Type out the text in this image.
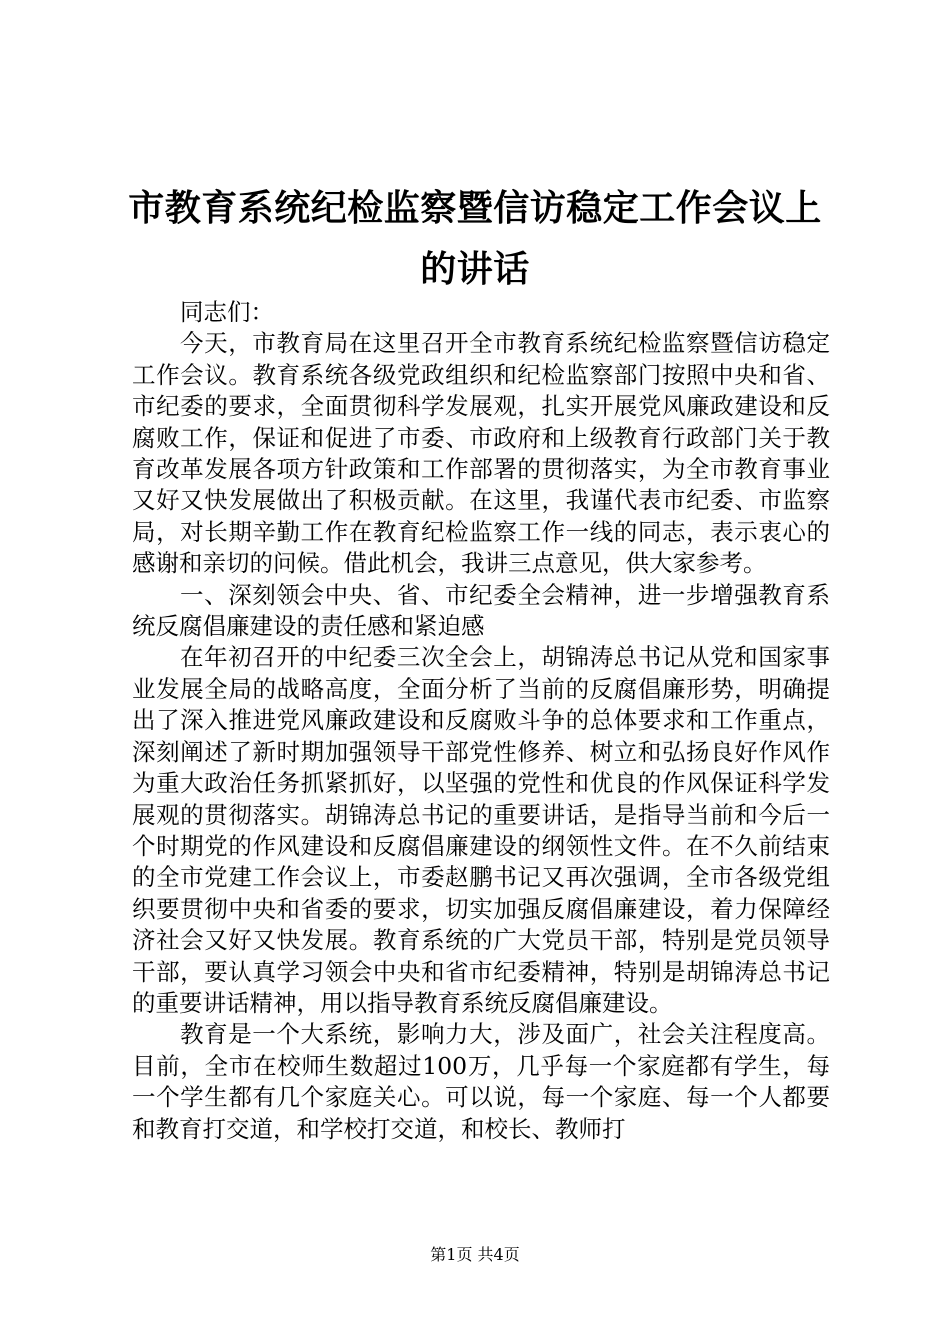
市教育系统纪检监察暨信访稳定工作会议上的讲话

同志们：

今天，市教育局在这里召开全市教育系统纪检监察暨信访稳定工作会议。教育系统各级党政组织和纪检监察部门按照中央和省、市纪委的要求，全面贯彻科学发展观，扎实开展党风廉政建设和反腐败工作，保证和促进了市委、市政府和上级教育行政部门关于教育改革发展各项方针政策和工作部署的贯彻落实，为全市教育事业又好又快发展做出了积极贡献。在这里，我谨代表市纪委、市监察局，对长期辛勤工作在教育纪检监察工作一线的同志，表示衷心的感谢和亲切的问候。借此机会，我讲三点意见，供大家参考。

一、深刻领会中央、省、市纪委全会精神，进一步增强教育系统反腐倡廉建设的责任感和紧迫感

在年初召开的中纪委三次全会上，胡锦涛总书记从党和国家事业发展全局的战略高度，全面分析了当前的反腐倡廉形势，明确提出了深入推进党风廉政建设和反腐败斗争的总体要求和工作重点，深刻阐述了新时期加强领导干部党性修养、树立和弘扬良好作风作为重大政治任务抓紧抓好，以坚强的党性和优良的作风保证科学发展观的贯彻落实。胡锦涛总书记的重要讲话，是指导当前和今后一个时期党的作风建设和反腐倡廉建设的纲领性文件。在不久前结束的全市党建工作会议上，市委赵鹏书记又再次强调，全市各级党组织要贯彻中央和省委的要求，切实加强反腐倡廉建设，着力保障经济社会又好又快发展。教育系统的广大党员干部，特别是党员领导干部，要认真学习领会中央和省市纪委精神，特别是胡锦涛总书记的重要讲话精神，用以指导教育系统反腐倡廉建设。

教育是一个大系统，影响力大，涉及面广，社会关注程度高。目前，全市在校师生数超过100万，几乎每一个家庭都有学生，每一个学生都有几个家庭关心。可以说，每一个家庭、每一个人都要和教育打交道，和学校打交道，和校长、教师打

第1页 共4页
